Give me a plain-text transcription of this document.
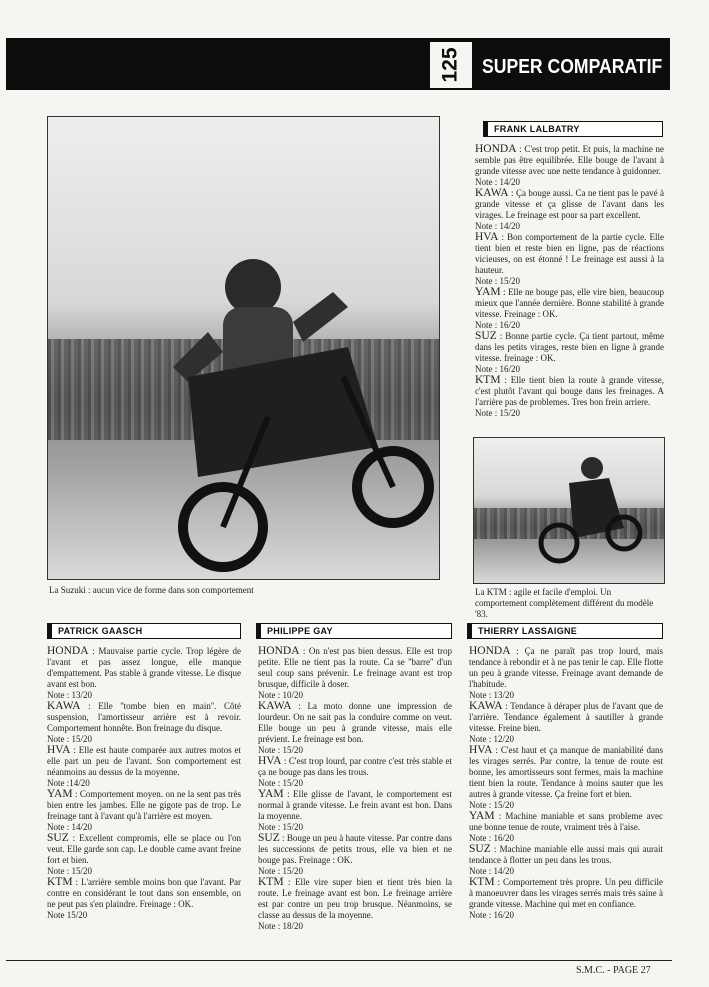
125 SUPER COMPARATIF
La Suzuki : aucun vice de forme dans son comportement	La KTM : agile et facile d'emploi. Un comportement complètement différent du modèle '83.
FRANK LALBATRY
PATRICK GAASCH	PHILIPPE GAY	THIERRY LASSAIGNE

HONDA : C'est trop petit. Et puis, la machine ne semble pas être equilibrée. Elle bouge de l'avant à grande vitesse avec une nette tendance à guidonner.

Note : 14/20

KAWA : Ça bouge aussi. Ca ne tient pas le pavé à grande vitesse et ça glisse de l'avant dans les virages. Le freinage est pour sa part excellent.

Note : 14/20

HVA : Bon comportement de la partie cycle. Elle tient bien et reste bien en ligne, pas de réactions vicieuses, on est étonné ! Le freinage est aussi à la hauteur.

Note : 15/20

YAM : Elle ne bouge pas, elle vire bien, beaucoup mieux que l'année dernière. Bonne stabilité à grande vitesse. Freinage : OK.

Note : 16/20

SUZ : Bonne partie cycle. Ça tient partout, même dans les petits virages, reste bien en ligne à grande vitesse. freinage : OK.

Note : 16/20

KTM : Elle tient bien la route à grande vitesse, c'est plutôt l'avant qui bouge dans les freinages. A l'arrière pas de problemes. Tres bon frein arriere.

Note : 15/20

HONDA : Mauvaise partie cycle. Trop légère de l'avant et pas assez longue, elle manque d'empattement. Pas stable à grande vitesse. Le disque avant est bon.

Note : 13/20

KAWA : Elle ''tombe bien en main''. Côté suspension, l'amortisseur arrière est à revoir. Comportement honnête. Bon freinage du disque.

Note : 15/20

HVA : Elle est haute comparée aux autres motos et elle part un peu de l'avant. Son comportement est néanmoins au dessus de la moyenne.

Note :14/20

YAM : Comportement moyen. on ne la sent pas très bien entre les jambes. Elle ne gigote pas de trop. Le freinage tant à l'avant qu'à l'arrière est moyen.

Note : 14/20

SUZ : Excellent compromis, elle se place ou l'on veut. Elle garde son cap. Le double came avant freine fort et bien.

Note : 15/20

KTM : L'arrière semble moins bon que l'avant. Par contre en considérant le tout dans son ensemble, on ne peut pas s'en plaindre. Freinage : OK.

Note 15/20

HONDA : On n'est pas bien dessus. Elle est trop petite. Elle ne tient pas la route. Ca se ''barre'' d'un seul coup sans prévenir. Le freinage avant est trop brusque, difficile à doser.

Note : 10/20

KAWA : La moto donne une impression de lourdeur. On ne sait pas la conduire comme on veut. Elle bouge un peu à grande vitesse, mais elle prévient. Le freinage est bon.

Note : 15/20

HVA : C'est trop lourd, par contre c'est très stable et ça ne bouge pas dans les trous.

Note : 15/20

YAM : Elle glisse de l'avant, le comportement est normal à grande vitesse. Le frein avant est bon. Dans la moyenne.

Note : 15/20

SUZ : Bouge un peu à haute vitesse. Par contre dans les successions de petits trous, elle va bien et ne bouge pas. Freinage : OK.

Note : 15/20

KTM : Elle vire super bien et tient très bien la route. Le freinage avant est bon. Le freinage arrière est par contre un peu trop brusque. Néanmoins, se classe au dessus de la moyenne.

Note : 18/20

HONDA : Ça ne paraît pas trop lourd, mais tendance à rebondir et à ne pas tenir le cap. Elle flotte un peu à grande vitesse. Freinage avant demande de l'habitude.

Note : 13/20

KAWA : Tendance à déraper plus de l'avant que de l'arrière. Tendance également à sautiller à grande vitesse. Freine bien.

Note : 12/20

HVA : C'est haut et ça manque de maniabilité dans les virages serrés. Par contre, la tenue de route est bonne, les amortisseurs sont fermes, mais la machine tient bien la route. Tendance à moins sauter que les autres à grande vitesse. Ça freine fort et bien.

Note : 15/20

YAM : Machine maniable et sans probleme avec une bonne tenue de route, vraiment très à l'aise.

Note : 16/20

SUZ : Machine maniable elle aussi mais qui aurait tendance à flotter un peu dans les trous.

Note : 14/20

KTM : Comportement très propre. Un peu difficile à manoeuvrer dans les virages serrés mais très saine à grande vitesse. Machine qui met en confiance.

Note : 16/20

S.M.C. - PAGE 27
